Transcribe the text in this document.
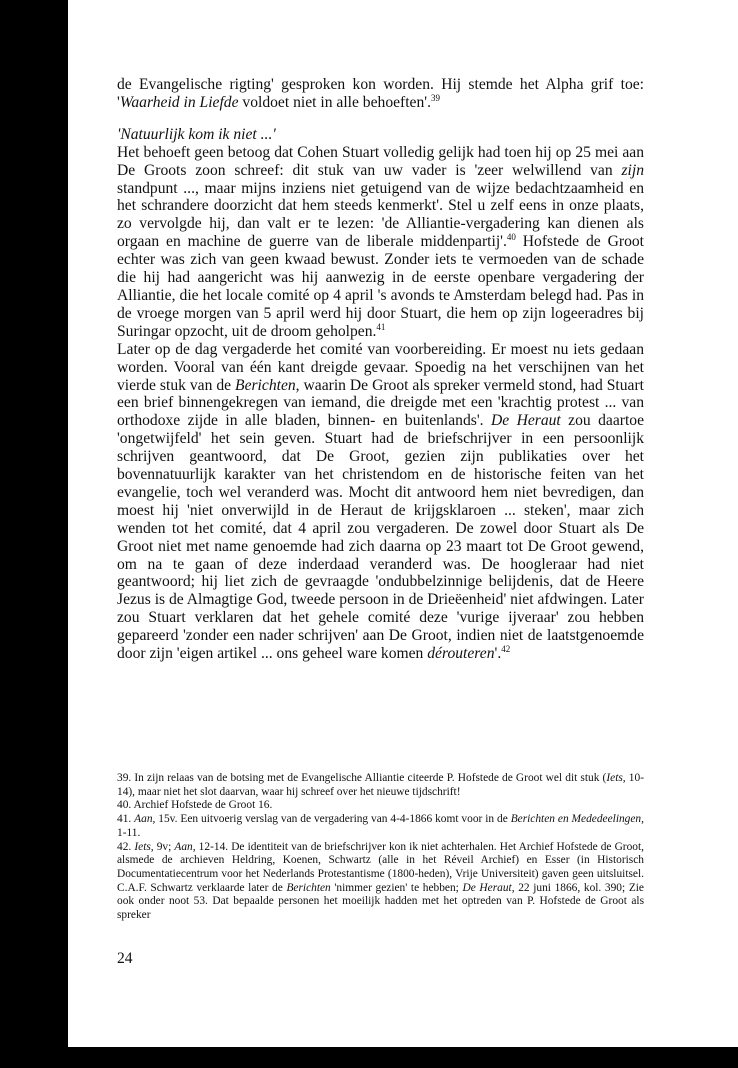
de Evangelische rigting' gesproken kon worden. Hij stemde het Alpha grif toe: 'Waarheid in Liefde voldoet niet in alle behoeften'.$^{39}$

'Natuurlijk kom ik niet ...'

Het behoeft geen betoog dat Cohen Stuart volledig gelijk had toen hij op 25 mei aan De Groots zoon schreef: dit stuk van uw vader is 'zeer welwillend van zijn standpunt ..., maar mijns inziens niet getuigend van de wijze bedachtzaamheid en het schrandere doorzicht dat hem steeds kenmerkt'. Stel u zelf eens in onze plaats, zo vervolgde hij, dan valt er te lezen: 'de Alliantie-vergadering kan dienen als orgaan en machine de guerre van de liberale middenpartij'.$^{40}$ Hofstede de Groot echter was zich van geen kwaad bewust. Zonder iets te vermoeden van de schade die hij had aangericht was hij aanwezig in de eerste openbare vergadering der Alliantie, die het locale comité op 4 april 's avonds te Amsterdam belegd had. Pas in de vroege morgen van 5 april werd hij door Stuart, die hem op zijn logeeradres bij Suringar opzocht, uit de droom geholpen.$^{41}$

Later op de dag vergaderde het comité van voorbereiding. Er moest nu iets gedaan worden. Vooral van één kant dreigde gevaar. Spoedig na het verschijnen van het vierde stuk van de Berichten, waarin De Groot als spreker vermeld stond, had Stuart een brief binnengekregen van iemand, die dreigde met een 'krachtig protest ... van orthodoxe zijde in alle bladen, binnen- en buitenlands'. De Heraut zou daartoe 'ongetwijfeld' het sein geven. Stuart had de briefschrijver in een persoonlijk schrijven geantwoord, dat De Groot, gezien zijn publikaties over het bovennatuurlijk karakter van het christendom en de historische feiten van het evangelie, toch wel veranderd was. Mocht dit antwoord hem niet bevredigen, dan moest hij 'niet onverwijld in de Heraut de krijgsklaroen ... steken', maar zich wenden tot het comité, dat 4 april zou vergaderen. De zowel door Stuart als De Groot niet met name genoemde had zich daarna op 23 maart tot De Groot gewend, om na te gaan of deze inderdaad veranderd was. De hoogleraar had niet geantwoord; hij liet zich de gevraagde 'ondubbelzinnige belijdenis, dat de Heere Jezus is de Almagtige God, tweede persoon in de Drieëenheid' niet afdwingen. Later zou Stuart verklaren dat het gehele comité deze 'vurige ijveraar' zou hebben gepareerd 'zonder een nader schrijven' aan De Groot, indien niet de laatstgenoemde door zijn 'eigen artikel ... ons geheel ware komen dérouteren'.$^{42}$

39. In zijn relaas van de botsing met de Evangelische Alliantie citeerde P. Hofstede de Groot wel dit stuk (Iets, 10-14), maar niet het slot daarvan, waar hij schreef over het nieuwe tijdschrift!

40. Archief Hofstede de Groot 16.

41. Aan, 15v. Een uitvoerig verslag van de vergadering van 4-4-1866 komt voor in de Berichten en Mededeelingen, 1-11.

42. Iets, 9v; Aan, 12-14. De identiteit van de briefschrijver kon ik niet achterhalen. Het Archief Hofstede de Groot, alsmede de archieven Heldring, Koenen, Schwartz (alle in het Réveil Archief) en Esser (in Historisch Documentatiecentrum voor het Nederlands Protestantisme (1800-heden), Vrije Universiteit) gaven geen uitsluitsel. C.A.F. Schwartz verklaarde later de Berichten 'nimmer gezien' te hebben; De Heraut, 22 juni 1866, kol. 390; Zie ook onder noot 53. Dat bepaalde personen het moeilijk hadden met het optreden van P. Hofstede de Groot als spreker

24
